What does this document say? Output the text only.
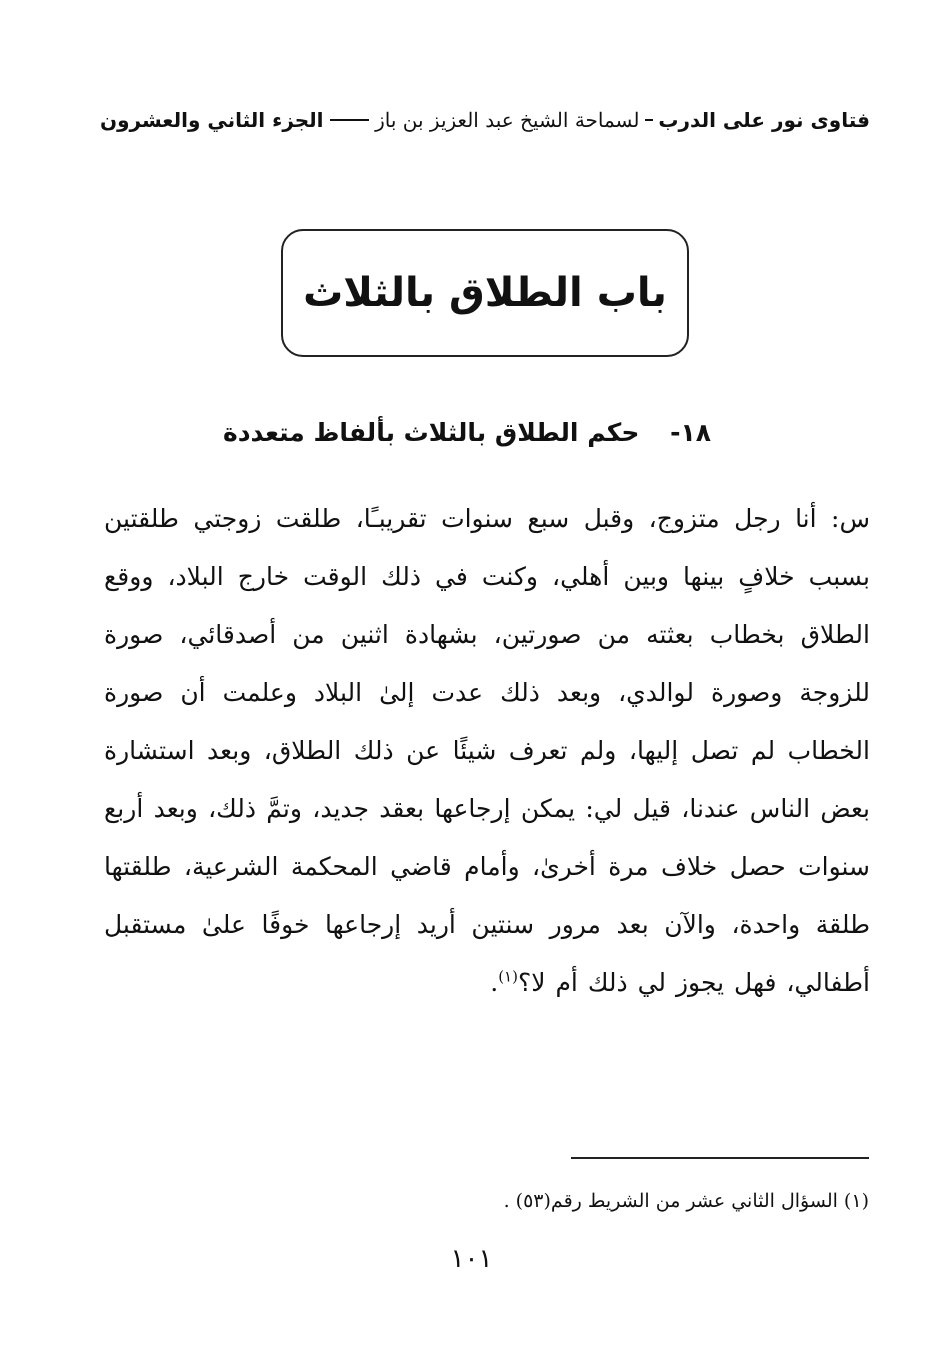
فتاوى نور على الدرب
لسماحة الشيخ عبد العزيز بن باز
الجزء الثاني والعشرون
باب الطلاق بالثلاث
١٨- حكم الطلاق بالثلاث بألفاظ متعددة
س: أنا رجل متزوج، وقبل سبع سنوات تقريبـًا، طلقت زوجتي طلقتين بسبب خلافٍ بينها وبين أهلي، وكنت في ذلك الوقت خارج البلاد، ووقع الطلاق بخطاب بعثته من صورتين، بشهادة اثنين من أصدقائي، صورة للزوجة وصورة لوالدي، وبعد ذلك عدت إلىٰ البلاد وعلمت أن صورة الخطاب لم تصل إليها، ولم تعرف شيئًا عن ذلك الطلاق، وبعد استشارة بعض الناس عندنا، قيل لي: يمكن إرجاعها بعقد جديد، وتمَّ ذلك، وبعد أربع سنوات حصل خلاف مرة أخرىٰ، وأمام قاضي المحكمة الشرعية، طلقتها طلقة واحدة، والآن بعد مرور سنتين أريد إرجاعها خوفًا علىٰ مستقبل أطفالي، فهل يجوز لي ذلك أم لا؟$^{(١)}$.
(١) السؤال الثاني عشر من الشريط رقم(٥٣) .
١٠١
